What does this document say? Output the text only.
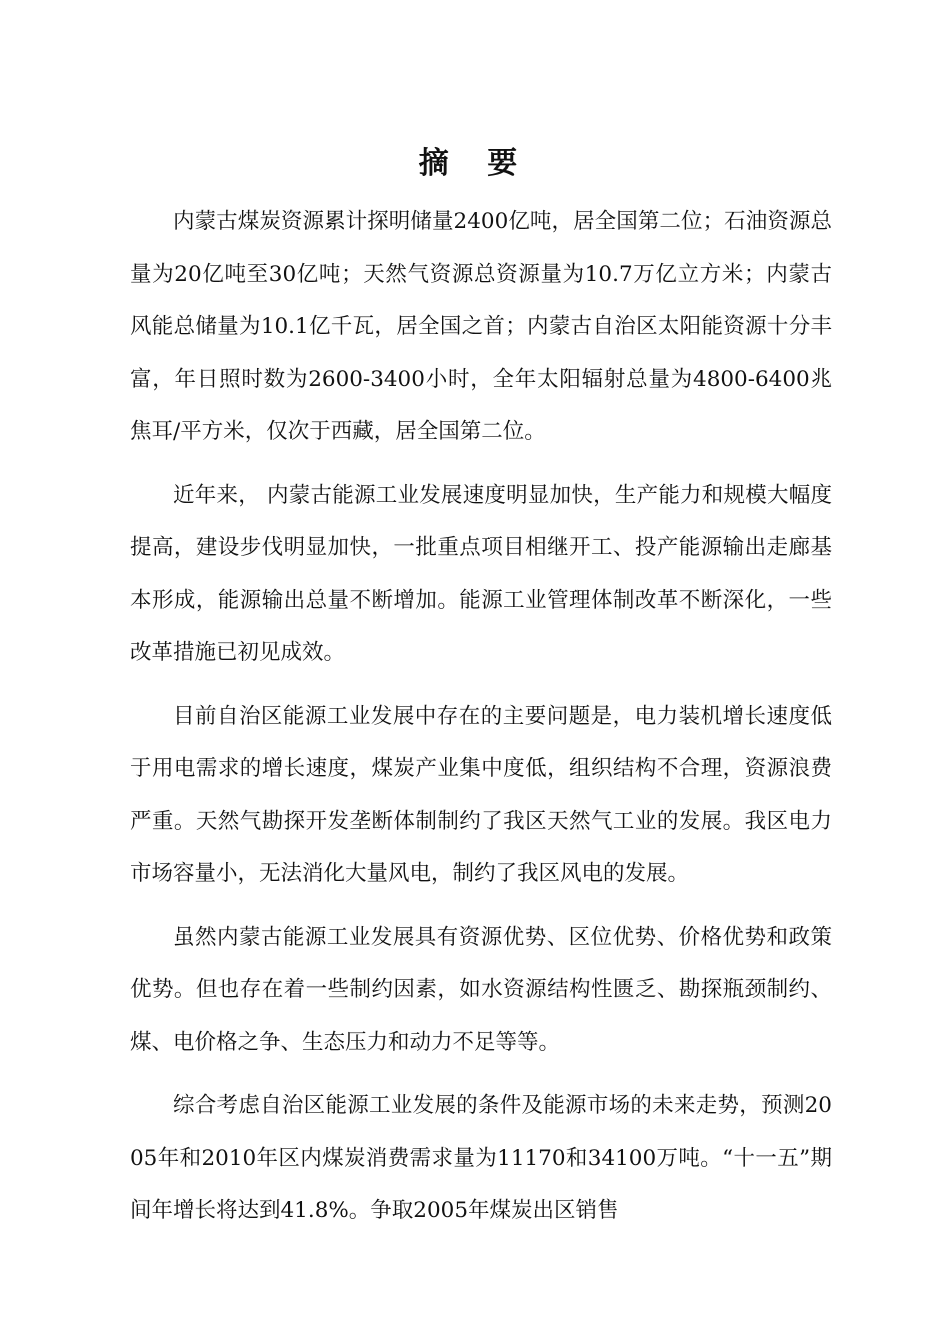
摘 要

内蒙古煤炭资源累计探明储量2400亿吨，居全国第二位；石油资源总量为20亿吨至30亿吨；天然气资源总资源量为10.7万亿立方米；内蒙古风能总储量为10.1亿千瓦，居全国之首；内蒙古自治区太阳能资源十分丰富，年日照时数为2600-3400小时，全年太阳辐射总量为4800-6400兆焦耳/平方米，仅次于西藏，居全国第二位。

近年来， 内蒙古能源工业发展速度明显加快，生产能力和规模大幅度提高，建设步伐明显加快，一批重点项目相继开工、投产能源输出走廊基本形成，能源输出总量不断增加。能源工业管理体制改革不断深化，一些改革措施已初见成效。

目前自治区能源工业发展中存在的主要问题是，电力装机增长速度低于用电需求的增长速度，煤炭产业集中度低，组织结构不合理，资源浪费严重。天然气勘探开发垄断体制制约了我区天然气工业的发展。我区电力市场容量小，无法消化大量风电，制约了我区风电的发展。

虽然内蒙古能源工业发展具有资源优势、区位优势、价格优势和政策优势。但也存在着一些制约因素，如水资源结构性匮乏、勘探瓶颈制约、煤、电价格之争、生态压力和动力不足等等。

综合考虑自治区能源工业发展的条件及能源市场的未来走势，预测2005年和2010年区内煤炭消费需求量为11170和34100万吨。“十一五”期间年增长将达到41.8%。争取2005年煤炭出区销售
